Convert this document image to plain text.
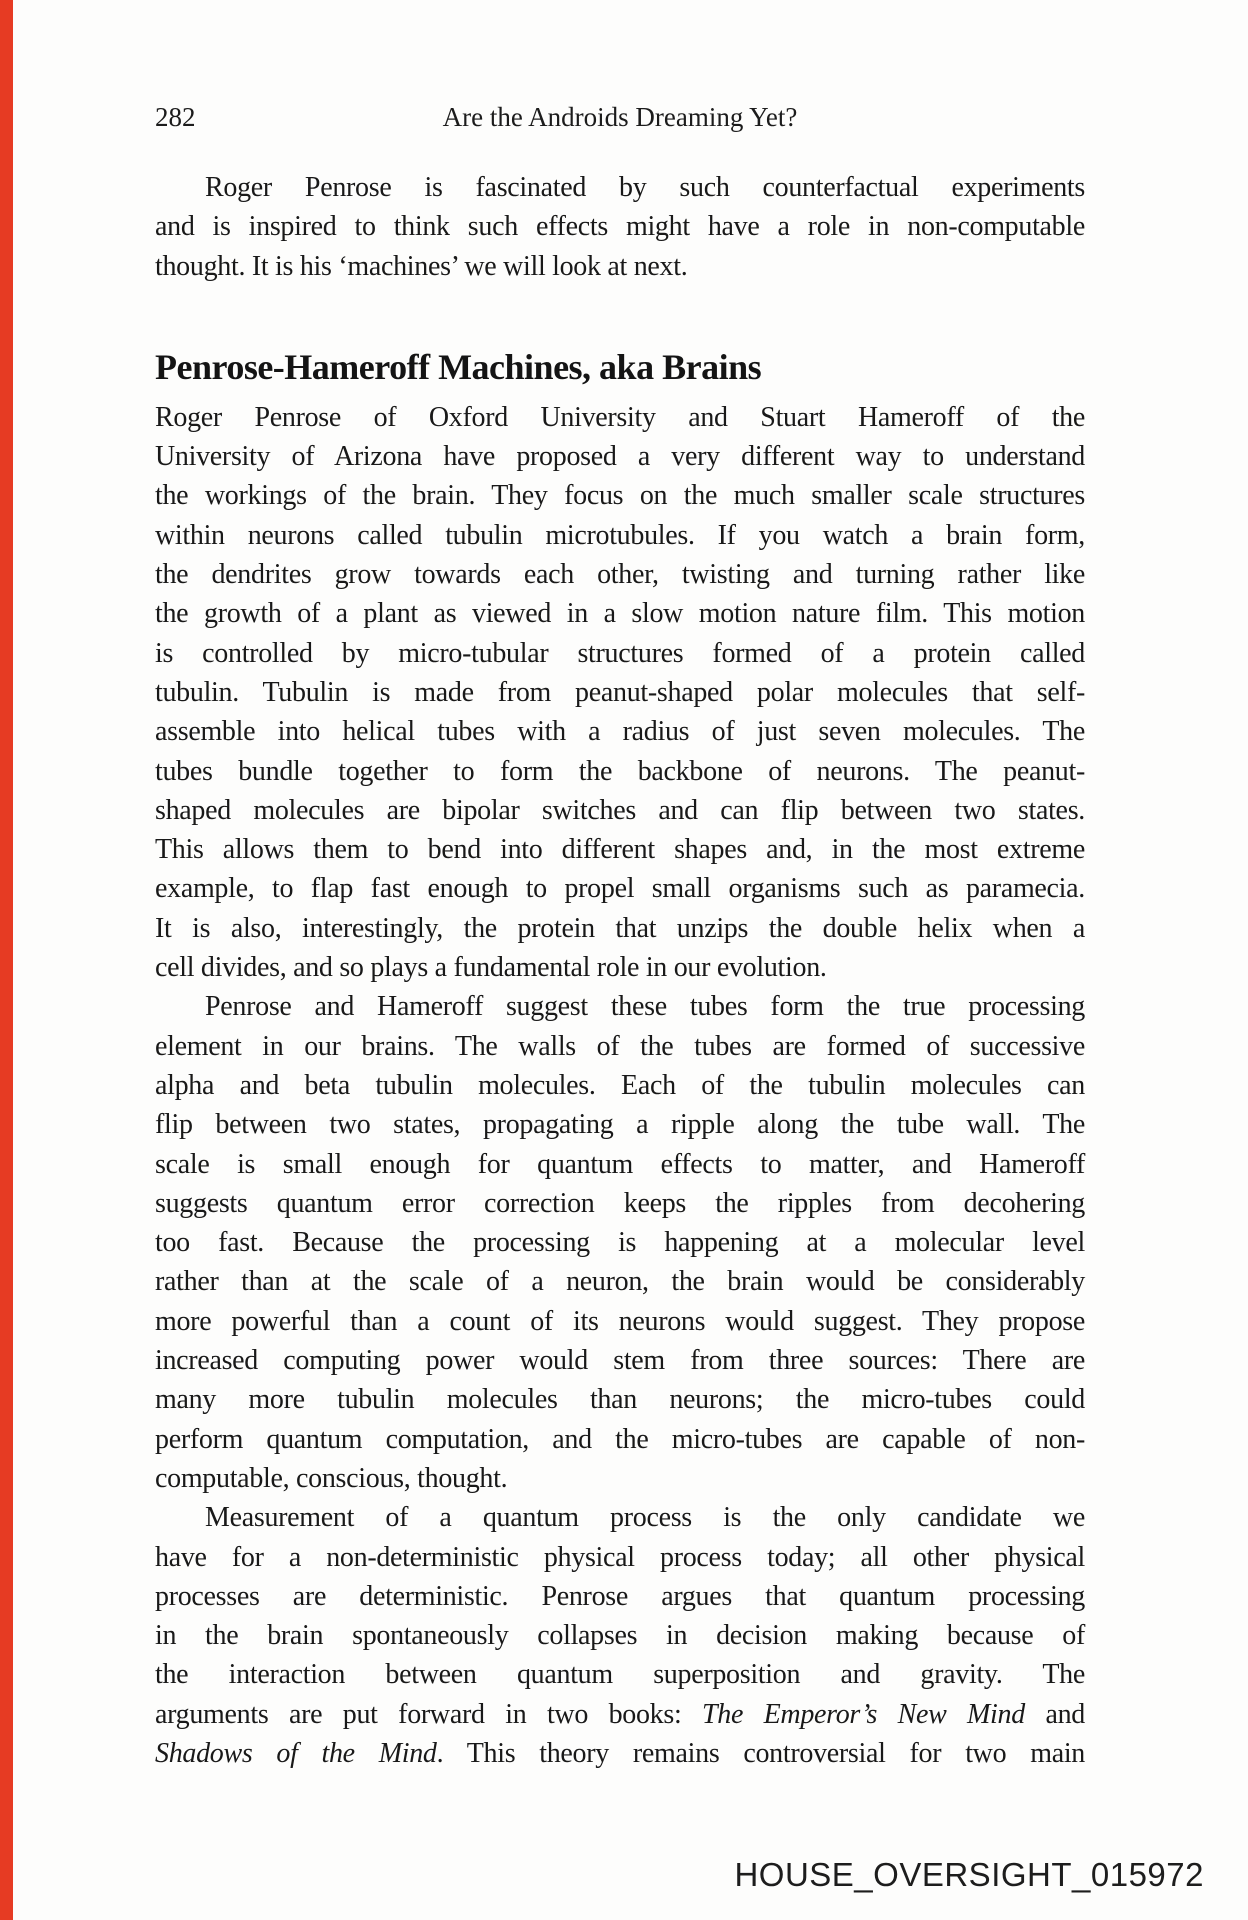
282	Are the Androids Dreaming Yet?
Roger Penrose is fascinated by such counterfactual experiments
and is inspired to think such effects might have a role in non-computable
thought. It is his ‘machines’ we will look at next.
Penrose-Hameroff Machines, aka Brains
Roger Penrose of Oxford University and Stuart Hameroff of the
University of Arizona have proposed a very different way to understand
the workings of the brain. They focus on the much smaller scale structures
within neurons called tubulin microtubules. If you watch a brain form,
the dendrites grow towards each other, twisting and turning rather like
the growth of a plant as viewed in a slow motion nature film. This motion
is controlled by micro-tubular structures formed of a protein called
tubulin. Tubulin is made from peanut-shaped polar molecules that self-
assemble into helical tubes with a radius of just seven molecules. The
tubes bundle together to form the backbone of neurons. The peanut-
shaped molecules are bipolar switches and can flip between two states.
This allows them to bend into different shapes and, in the most extreme
example, to flap fast enough to propel small organisms such as paramecia.
It is also, interestingly, the protein that unzips the double helix when a
cell divides, and so plays a fundamental role in our evolution.
Penrose and Hameroff suggest these tubes form the true processing
element in our brains. The walls of the tubes are formed of successive
alpha and beta tubulin molecules. Each of the tubulin molecules can
flip between two states, propagating a ripple along the tube wall. The
scale is small enough for quantum effects to matter, and Hameroff
suggests quantum error correction keeps the ripples from decohering
too fast. Because the processing is happening at a molecular level
rather than at the scale of a neuron, the brain would be considerably
more powerful than a count of its neurons would suggest. They propose
increased computing power would stem from three sources: There are
many more tubulin molecules than neurons; the micro-tubes could
perform quantum computation, and the micro-tubes are capable of non-
computable, conscious, thought.
Measurement of a quantum process is the only candidate we
have for a non-deterministic physical process today; all other physical
processes are deterministic. Penrose argues that quantum processing
in the brain spontaneously collapses in decision making because of
the interaction between quantum superposition and gravity. The
arguments are put forward in two books: The Emperor’s New Mind and
Shadows of the Mind. This theory remains controversial for two main
HOUSE_OVERSIGHT_015972
